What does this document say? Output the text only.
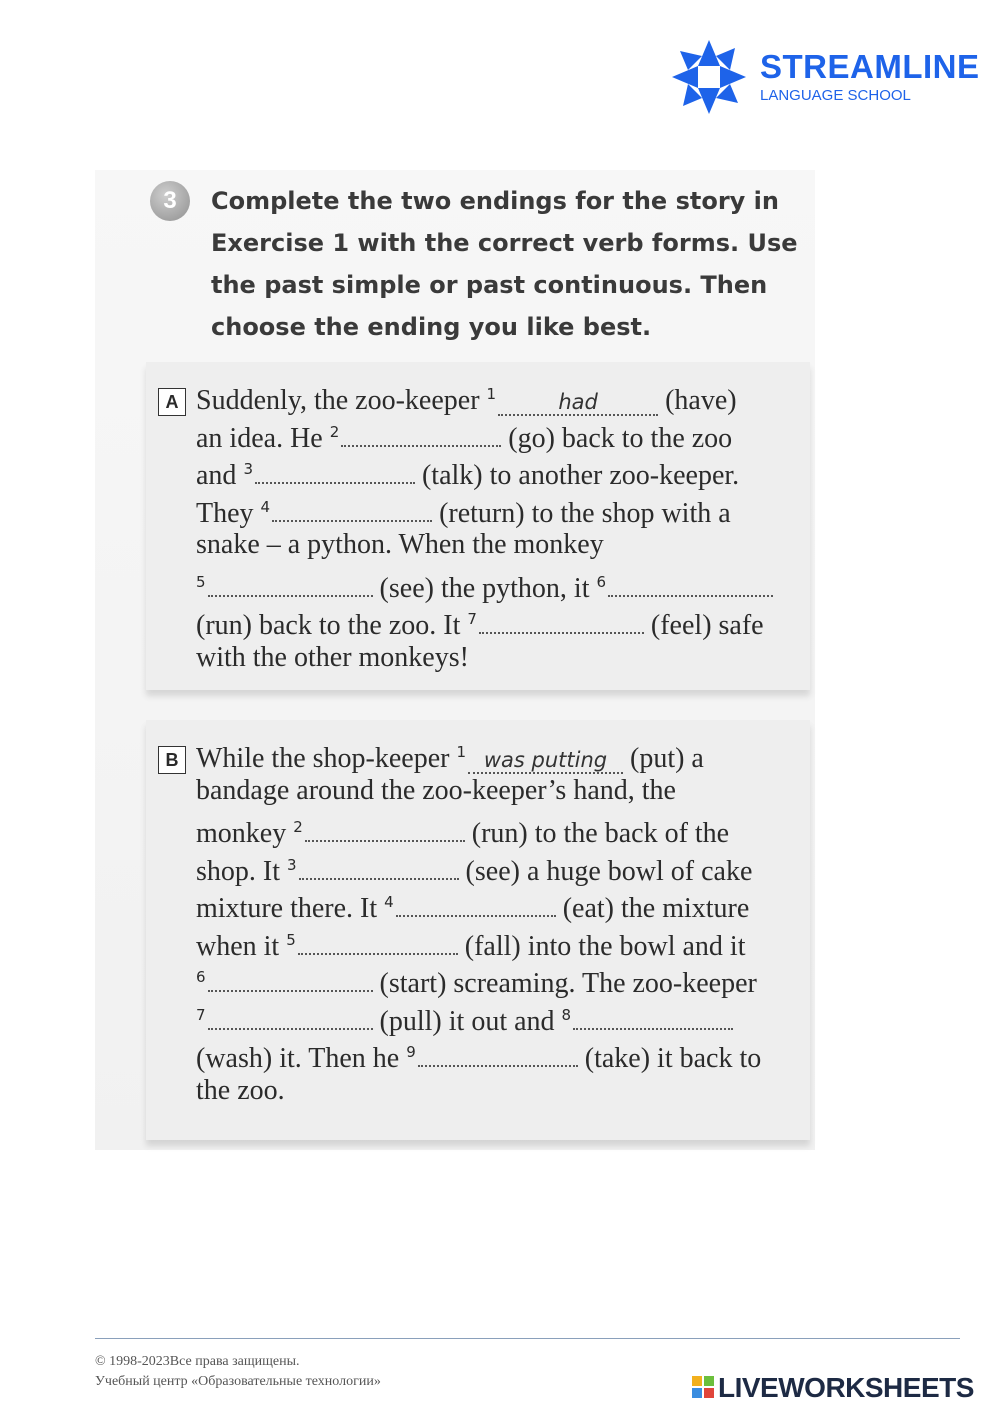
STREAMLINE
LANGUAGE SCHOOL
3	Complete the two endings for the story in Exercise 1 with the correct verb forms. Use the past simple or past continuous. Then choose the ending you like best.
A Suddenly, the zoo-keeper $^1$	had (have)
an idea. He $^2$	(go) back to the zoo
and $^3$	(talk) to another zoo-keeper.
They $^4$	(return) to the shop with a
snake – a python. When the monkey
$^5$	(see) the python, it $^6$
(run) back to the zoo. It $^7$	(feel) safe
with the other monkeys!
B While the shop-keeper $^1$ was putting (put) a
bandage around the zoo-keeper’s hand, the
monkey $^2$	(run) to the back of the
shop. It $^3$	(see) a huge bowl of cake
mixture there. It $^4$	(eat) the mixture
when it $^5$	(fall) into the bowl and it
$^6$	(start) screaming. The zoo-keeper
$^7$	(pull) it out and $^8$
(wash) it. Then he $^9$	(take) it back to
the zoo.
© 1998-2023Все права защищены.
Учебный центр «Образовательные технологии»	LIVEWORKSHEETS
